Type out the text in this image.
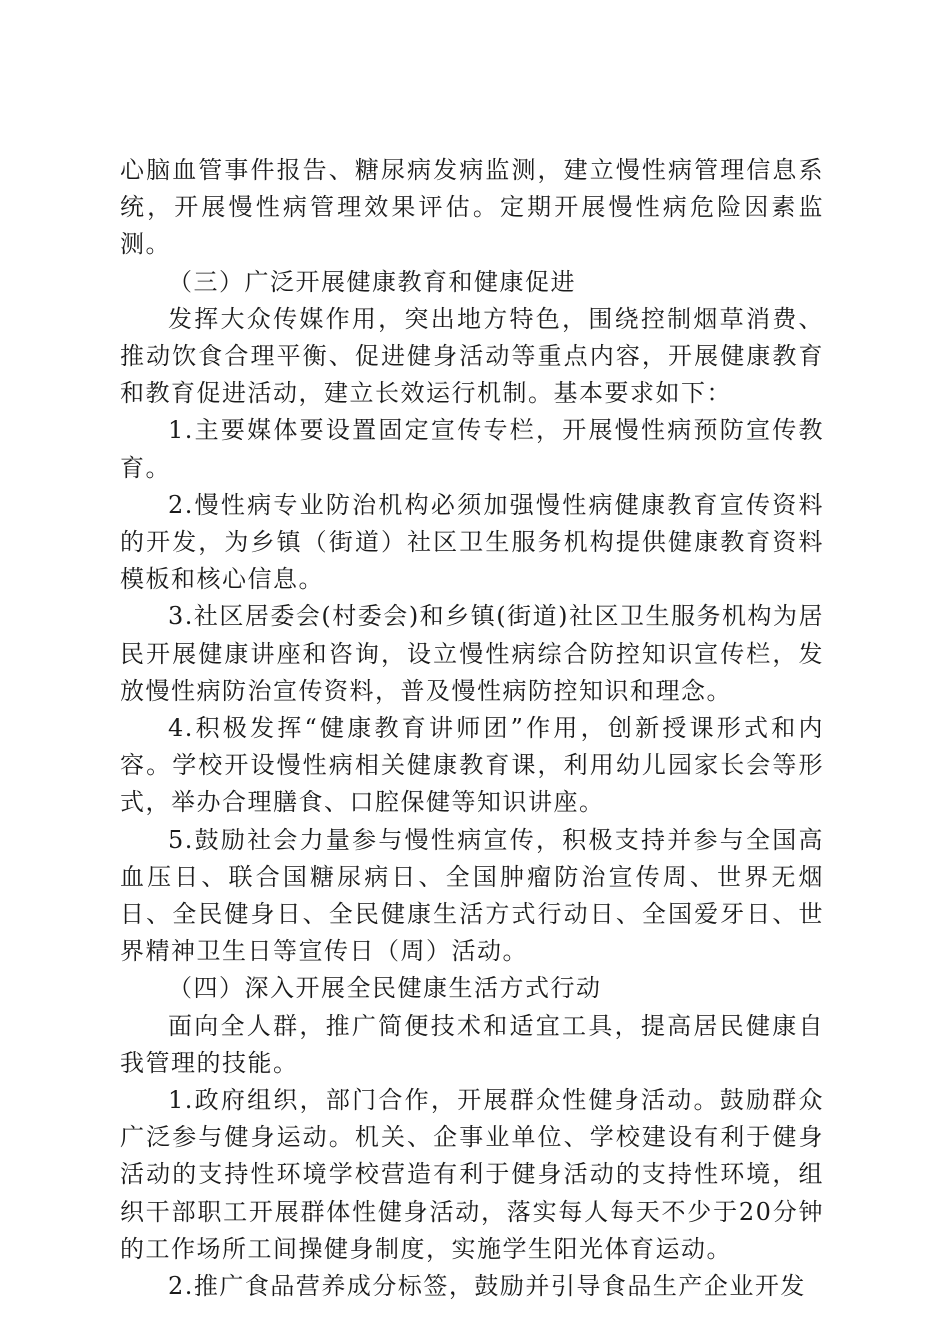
心脑血管事件报告、糖尿病发病监测，建立慢性病管理信息系统，开展慢性病管理效果评估。定期开展慢性病危险因素监测。

（三）广泛开展健康教育和健康促进

发挥大众传媒作用，突出地方特色，围绕控制烟草消费、推动饮食合理平衡、促进健身活动等重点内容，开展健康教育和教育促进活动，建立长效运行机制。基本要求如下：

1.主要媒体要设置固定宣传专栏，开展慢性病预防宣传教育。

2.慢性病专业防治机构必须加强慢性病健康教育宣传资料的开发，为乡镇（街道）社区卫生服务机构提供健康教育资料模板和核心信息。

3.社区居委会(村委会)和乡镇(街道)社区卫生服务机构为居民开展健康讲座和咨询，设立慢性病综合防控知识宣传栏，发放慢性病防治宣传资料，普及慢性病防控知识和理念。

4.积极发挥“健康教育讲师团”作用，创新授课形式和内容。学校开设慢性病相关健康教育课，利用幼儿园家长会等形式，举办合理膳食、口腔保健等知识讲座。

5.鼓励社会力量参与慢性病宣传，积极支持并参与全国高血压日、联合国糖尿病日、全国肿瘤防治宣传周、世界无烟日、全民健身日、全民健康生活方式行动日、全国爱牙日、世界精神卫生日等宣传日（周）活动。

（四）深入开展全民健康生活方式行动

面向全人群，推广简便技术和适宜工具，提高居民健康自我管理的技能。

1.政府组织，部门合作，开展群众性健身活动。鼓励群众广泛参与健身运动。机关、企事业单位、学校建设有利于健身活动的支持性环境学校营造有利于健身活动的支持性环境，组织干部职工开展群体性健身活动，落实每人每天不少于20分钟的工作场所工间操健身制度，实施学生阳光体育运动。

2.推广食品营养成分标签，鼓励并引导食品生产企业开发
